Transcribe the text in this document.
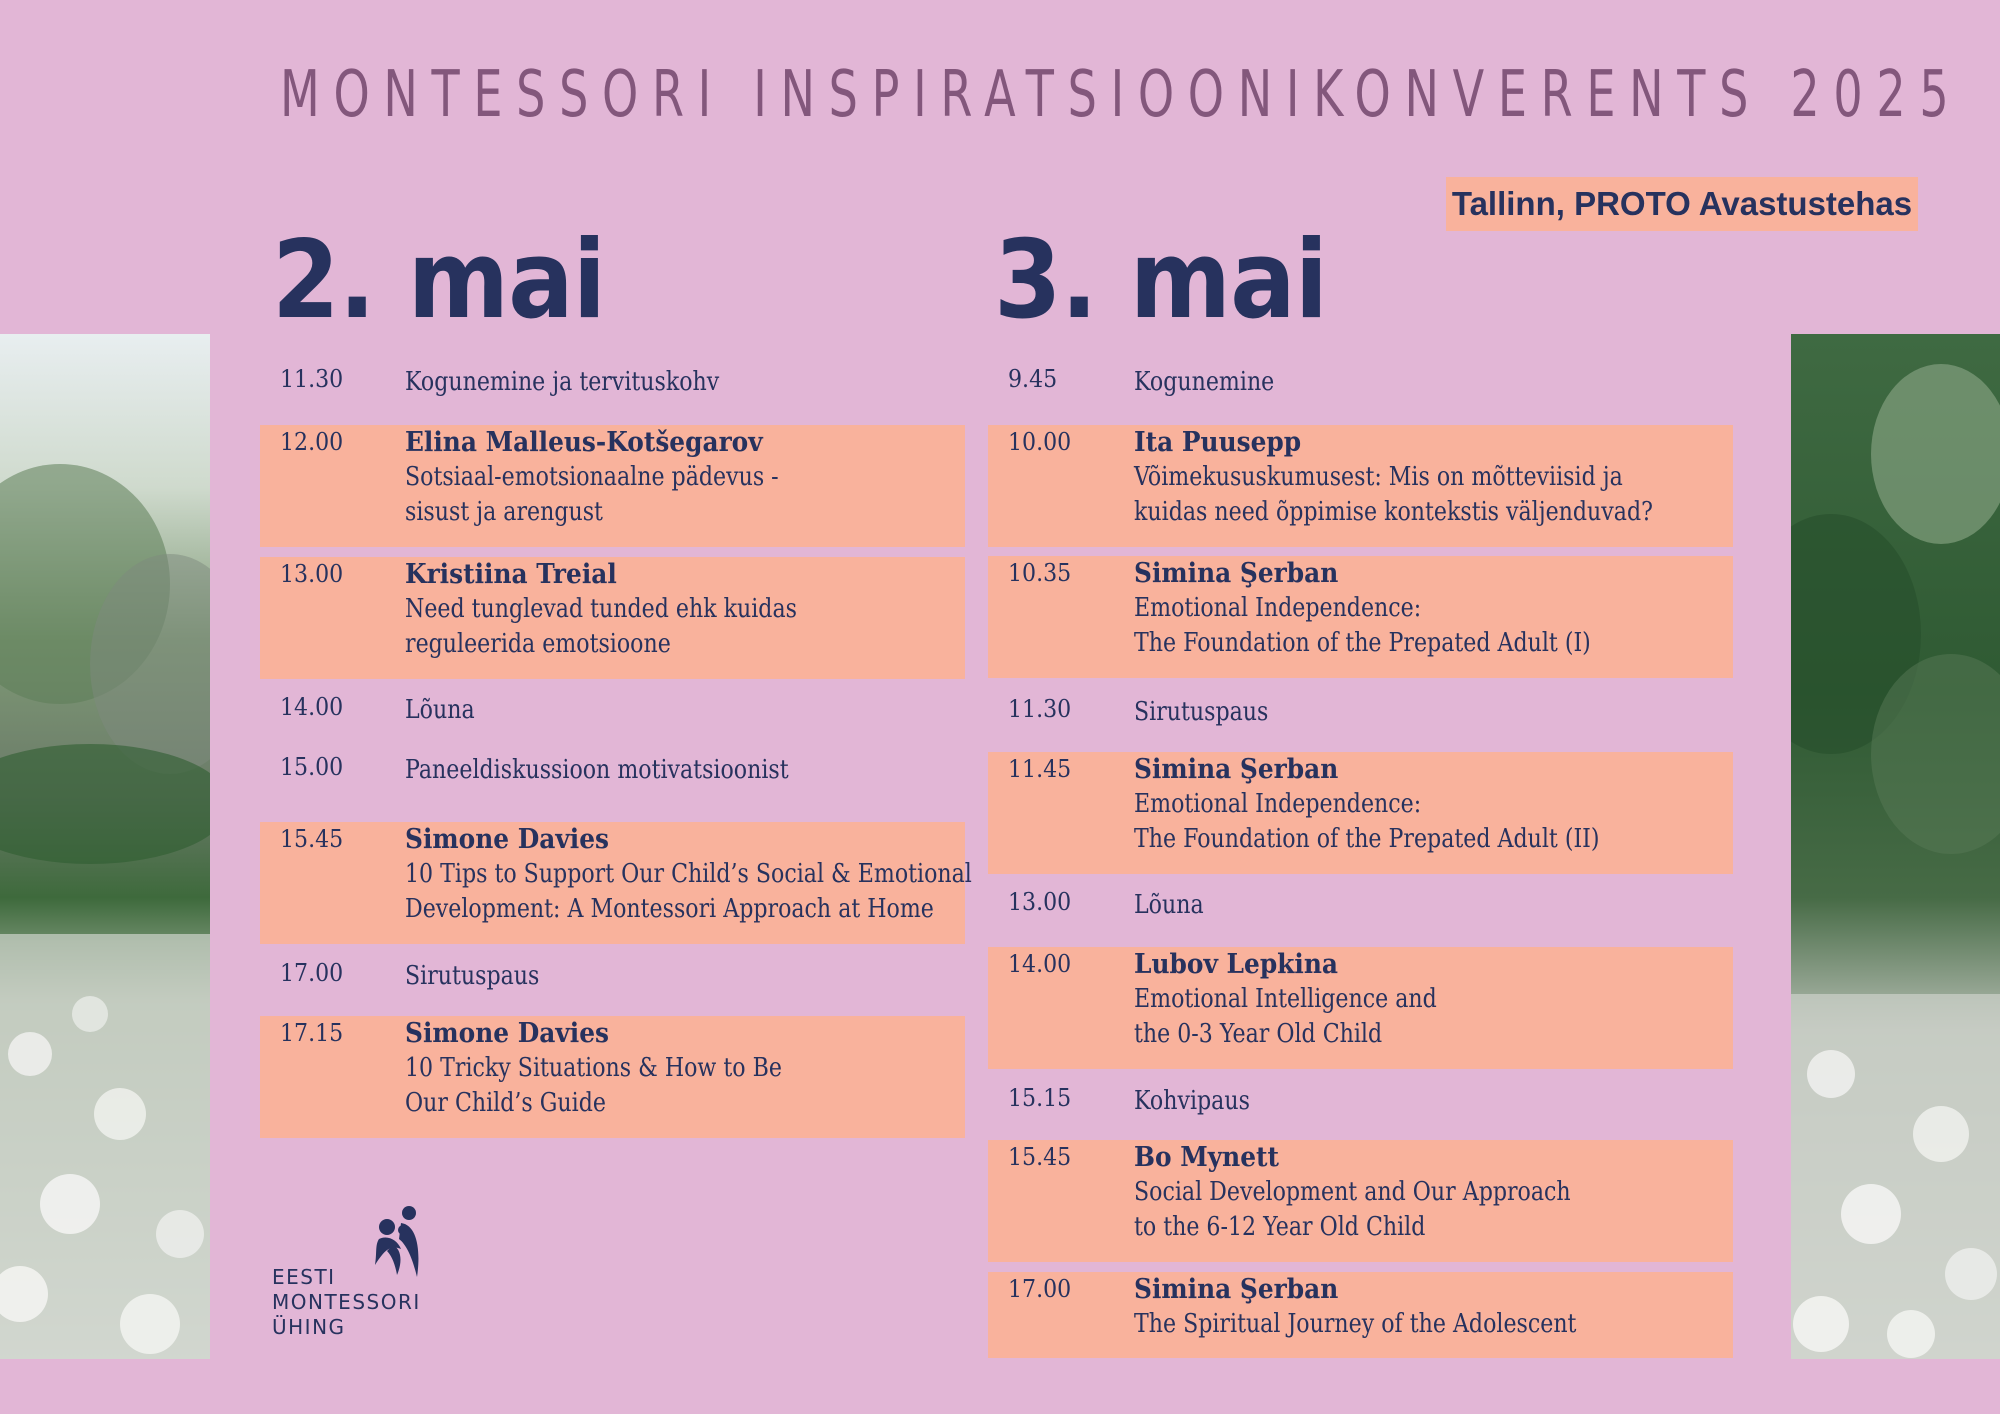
MONTESSORI INSPIRATSIOONIKONVERENTS 2025
Tallinn, PROTO Avastustehas
2. mai
11.30 Kogunemine ja tervituskohv
12.00 Elina Malleus-Kotšegarov
Sotsiaal-emotsionaalne pädevus -
sisust ja arengust
13.00 Kristiina Treial
Need tunglevad tunded ehk kuidas
reguleerida emotsioone
14.00 Lõuna
15.00 Paneeldiskussioon motivatsioonist
15.45 Simone Davies
10 Tips to Support Our Child’s Social & Emotional
Development: A Montessori Approach at Home
17.00 Sirutuspaus
17.15 Simone Davies
10 Tricky Situations & How to Be
Our Child’s Guide
3. mai
9.45	Kogunemine
10.00 Ita Puusepp
Võimekususkumusest: Mis on mõtteviisid ja
kuidas need õppimise kontekstis väljenduvad?
10.35 Simina Şerban
Emotional Independence:
The Foundation of the Prepated Adult (I)
11.30 Sirutuspaus
11.45 Simina Şerban
Emotional Independence:
The Foundation of the Prepated Adult (II)
13.00 Lõuna
14.00 Lubov Lepkina
Emotional Intelligence and
the 0-3 Year Old Child
15.15 Kohvipaus
15.45 Bo Mynett
Social Development and Our Approach
to the 6-12 Year Old Child
17.00 Simina Şerban
The Spiritual Journey of the Adolescent
EESTI
MONTESSORI
ÜHING
